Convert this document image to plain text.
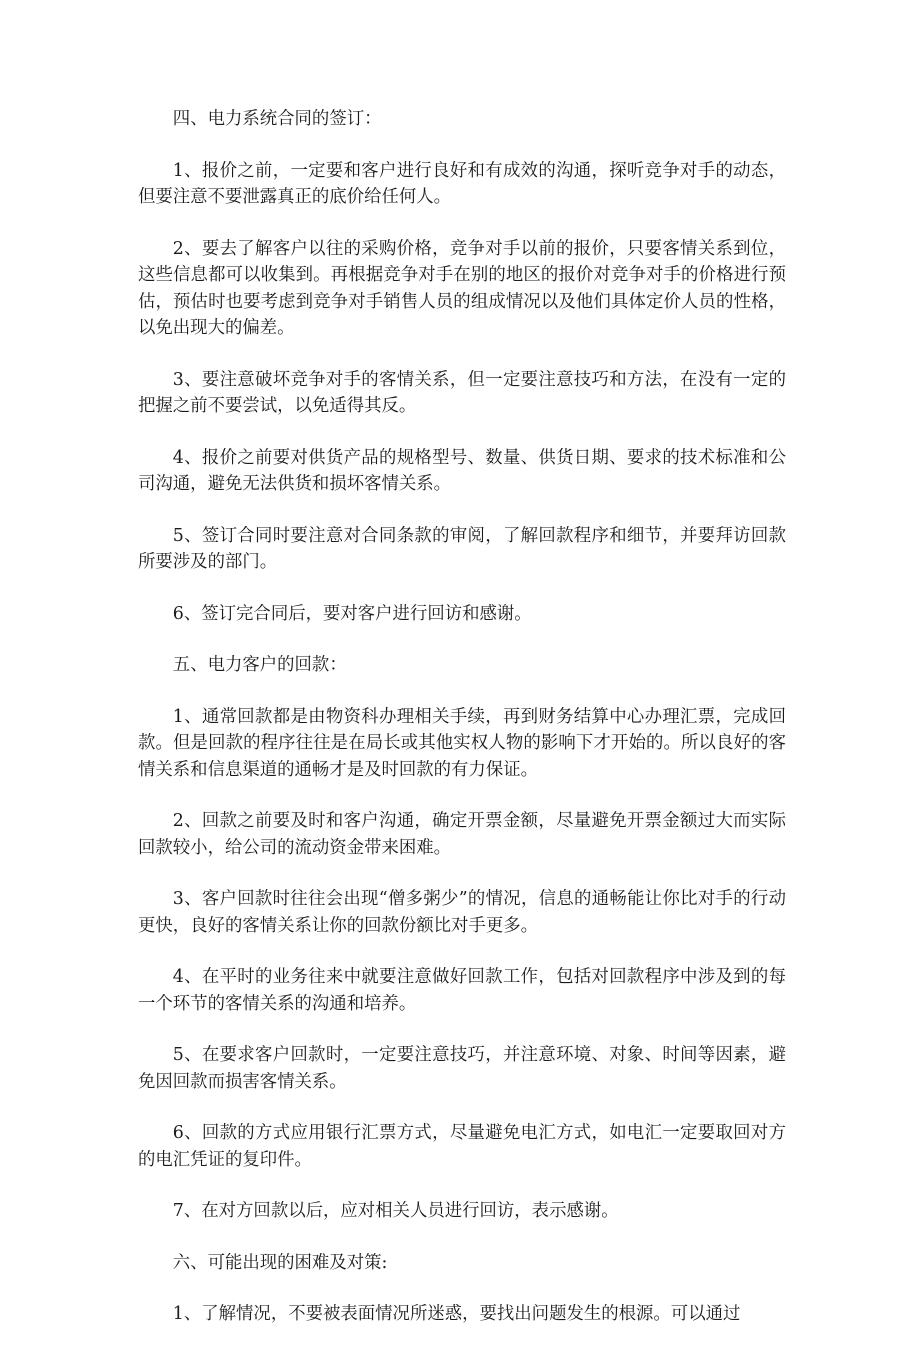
四、电力系统合同的签订：

1、报价之前，一定要和客户进行良好和有成效的沟通，探听竞争对手的动态，但要注意不要泄露真正的底价给任何人。

2、要去了解客户以往的采购价格，竞争对手以前的报价，只要客情关系到位，这些信息都可以收集到。再根据竞争对手在别的地区的报价对竞争对手的价格进行预估，预估时也要考虑到竞争对手销售人员的组成情况以及他们具体定价人员的性格，以免出现大的偏差。

3、要注意破坏竞争对手的客情关系，但一定要注意技巧和方法，在没有一定的把握之前不要尝试，以免适得其反。

4、报价之前要对供货产品的规格型号、数量、供货日期、要求的技术标准和公司沟通，避免无法供货和损坏客情关系。

5、签订合同时要注意对合同条款的审阅，了解回款程序和细节，并要拜访回款所要涉及的部门。

6、签订完合同后，要对客户进行回访和感谢。

五、电力客户的回款：

1、通常回款都是由物资科办理相关手续，再到财务结算中心办理汇票，完成回款。但是回款的程序往往是在局长或其他实权人物的影响下才开始的。所以良好的客情关系和信息渠道的通畅才是及时回款的有力保证。

2、回款之前要及时和客户沟通，确定开票金额，尽量避免开票金额过大而实际回款较小，给公司的流动资金带来困难。

3、客户回款时往往会出现“僧多粥少”的情况，信息的通畅能让你比对手的行动更快，良好的客情关系让你的回款份额比对手更多。

4、在平时的业务往来中就要注意做好回款工作，包括对回款程序中涉及到的每一个环节的客情关系的沟通和培养。

5、在要求客户回款时，一定要注意技巧，并注意环境、对象、时间等因素，避免因回款而损害客情关系。

6、回款的方式应用银行汇票方式，尽量避免电汇方式，如电汇一定要取回对方的电汇凭证的复印件。

7、在对方回款以后，应对相关人员进行回访，表示感谢。

六、可能出现的困难及对策:

1、了解情况，不要被表面情况所迷惑，要找出问题发生的根源。可以通过
